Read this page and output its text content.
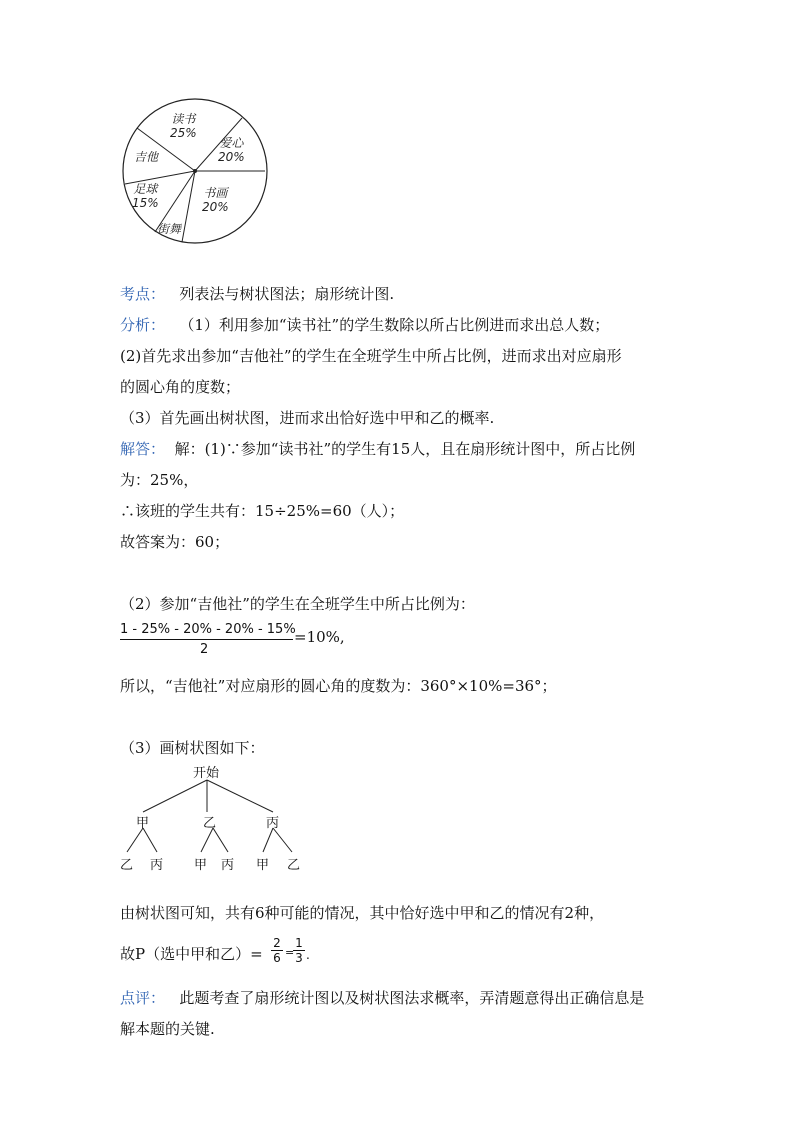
读书
25%
爱心
20%
书画
20%
街舞
足球
15%
吉他
考点： 列表法与树状图法；扇形统计图.
分析： （1）利用参加“读书社”的学生数除以所占比例进而求出总人数；
(2)首先求出参加“吉他社”的学生在全班学生中所占比例，进而求出对应扇形
的圆心角的度数；
（3）首先画出树状图，进而求出恰好选中甲和乙的概率.
解答： 解：(1)∵参加“读书社”的学生有15人，且在扇形统计图中，所占比例
为：25%，
∴该班的学生共有：15÷25%=60（人）；
故答案为：60；
（2）参加“吉他社”的学生在全班学生中所占比例为：
1 - 25% - 20% - 20% - 15%
2
=10%,
所以，“吉他社”对应扇形的圆心角的度数为：360°×10%=36°；
（3）画树状图如下：
开始
甲	乙	丙
乙 丙 甲 丙 甲 乙
由树状图可知，共有6种可能的情况，其中恰好选中甲和乙的情况有2种，
故P（选中甲和乙）=
2
6 =
1
3 .
点评： 此题考查了扇形统计图以及树状图法求概率，弄清题意得出正确信息是
解本题的关键.
